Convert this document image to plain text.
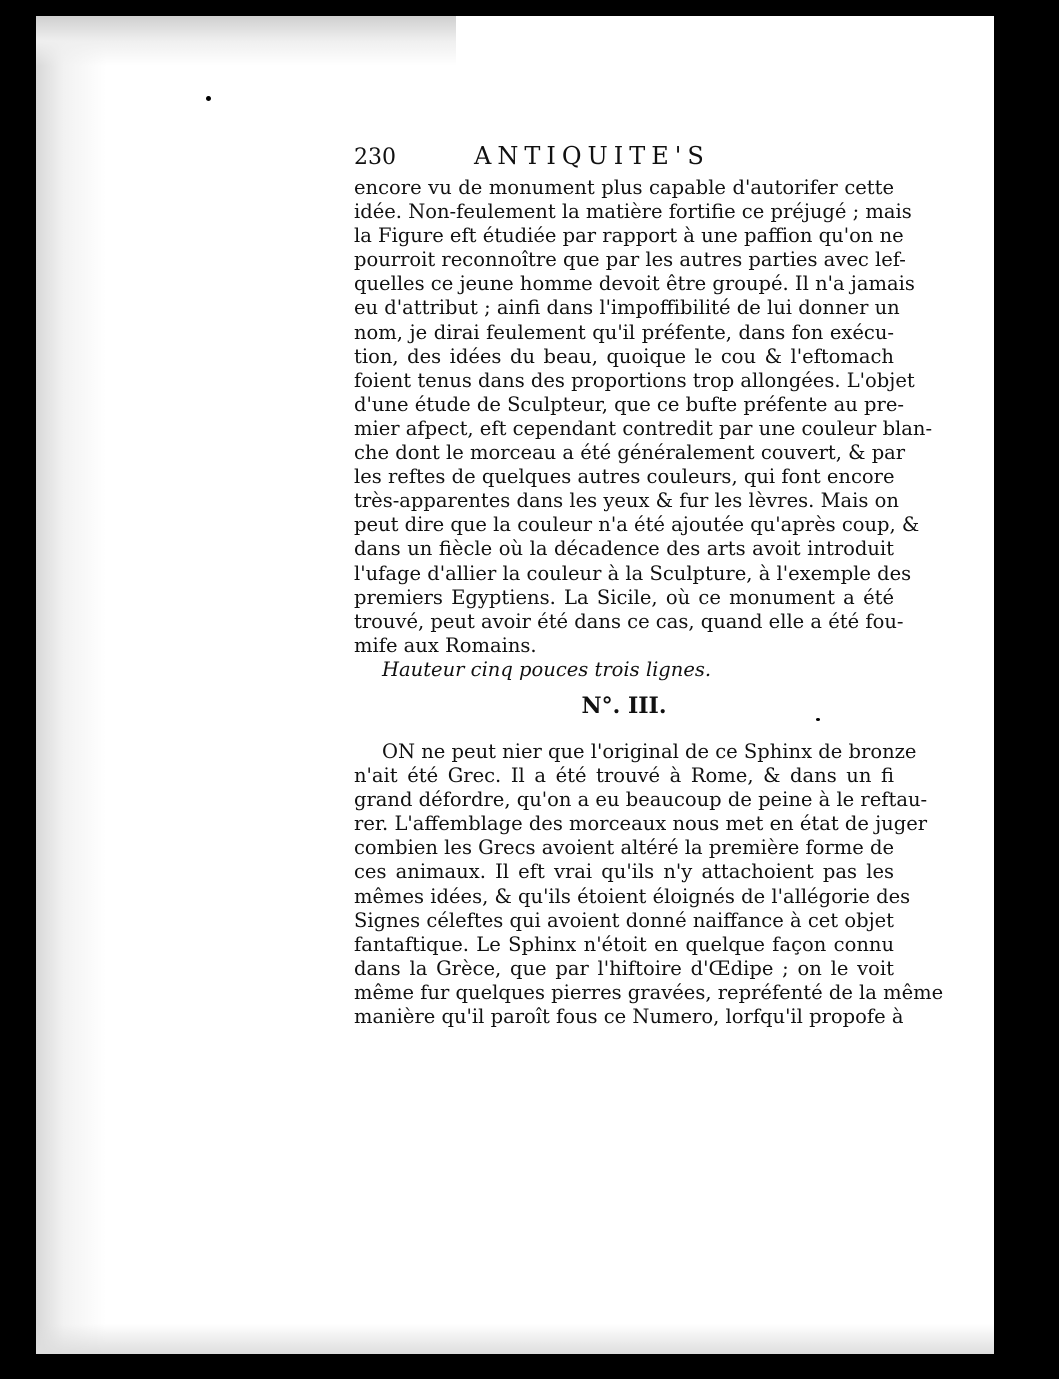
230	ANTIQUITE'S
encore vu de monument plus capable d'autorifer cette
idée. Non-feulement la matière fortifie ce préjugé ; mais
la Figure eft étudiée par rapport à une paffion qu'on ne
pourroit reconnoître que par les autres parties avec lef-
quelles ce jeune homme devoit être groupé. Il n'a jamais
eu d'attribut ; ainfi dans l'impoffibilité de lui donner un
nom, je dirai feulement qu'il préfente, dans fon exécu-
tion, des idées du beau, quoique le cou & l'eftomach
foient tenus dans des proportions trop allongées. L'objet
d'une étude de Sculpteur, que ce bufte préfente au pre-
mier afpect, eft cependant contredit par une couleur blan-
che dont le morceau a été généralement couvert, & par
les reftes de quelques autres couleurs, qui font encore
très-apparentes dans les yeux & fur les lèvres. Mais on
peut dire que la couleur n'a été ajoutée qu'après coup, &
dans un fiècle où la décadence des arts avoit introduit
l'ufage d'allier la couleur à la Sculpture, à l'exemple des
premiers Egyptiens. La Sicile, où ce monument a été
trouvé, peut avoir été dans ce cas, quand elle a été fou-
mife aux Romains.
Hauteur cinq pouces trois lignes.
N°. III.
ON ne peut nier que l'original de ce Sphinx de bronze
n'ait été Grec. Il a été trouvé à Rome, & dans un fi
grand défordre, qu'on a eu beaucoup de peine à le reftau-
rer. L'affemblage des morceaux nous met en état de juger
combien les Grecs avoient altéré la première forme de
ces animaux. Il eft vrai qu'ils n'y attachoient pas les
mêmes idées, & qu'ils étoient éloignés de l'allégorie des
Signes céleftes qui avoient donné naiffance à cet objet
fantaftique. Le Sphinx n'étoit en quelque façon connu
dans la Grèce, que par l'hiftoire d'Œdipe ; on le voit
même fur quelques pierres gravées, repréfenté de la même
manière qu'il paroît fous ce Numero, lorfqu'il propofe à
